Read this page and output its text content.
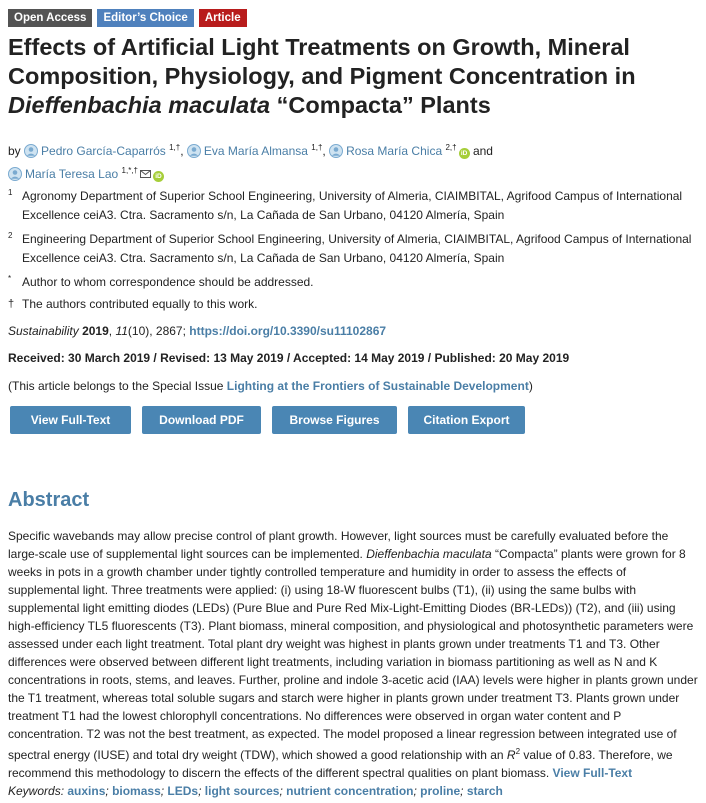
Open Access	Editor’s Choice	Article
Effects of Artificial Light Treatments on Growth, Mineral Composition, Physiology, and Pigment Concentration in Dieffenbachia maculata “Compacta” Plants
by Pedro García-Caparrós $^{1,\dagger}$, Eva María Almansa $^{1,\dagger}$, Rosa María Chica $^{2,\dagger}$iD and
María Teresa Lao $^{1,*,\dagger}$iD
1 Agronomy Department of Superior School Engineering, University of Almeria, CIAIMBITAL, Agrifood Campus of International Excellence ceiA3. Ctra. Sacramento s/n, La Cañada de San Urbano, 04120 Almería, Spain
2 Engineering Department of Superior School Engineering, University of Almeria, CIAIMBITAL, Agrifood Campus of International Excellence ceiA3. Ctra. Sacramento s/n, La Cañada de San Urbano, 04120 Almería, Spain
* Author to whom correspondence should be addressed.
† The authors contributed equally to this work.
Sustainability 2019, 11(10), 2867; https://doi.org/10.3390/su11102867
Received: 30 March 2019 / Revised: 13 May 2019 / Accepted: 14 May 2019 / Published: 20 May 2019
(This article belongs to the Special Issue Lighting at the Frontiers of Sustainable Development)
View Full-Text	Download PDF	Browse Figures	Citation Export
Abstract
Specific wavebands may allow precise control of plant growth. However, light sources must be carefully evaluated before the large-scale use of supplemental light sources can be implemented. Dieffenbachia maculata “Compacta” plants were grown for 8 weeks in pots in a growth chamber under tightly controlled temperature and humidity in order to assess the effects of supplemental light. Three treatments were applied: (i) using 18-W fluorescent bulbs (T1), (ii) using the same bulbs with supplemental light emitting diodes (LEDs) (Pure Blue and Pure Red Mix-Light-Emitting Diodes (BR-LEDs)) (T2), and (iii) using high-efficiency TL5 fluorescents (T3). Plant biomass, mineral composition, and physiological and photosynthetic parameters were assessed under each light treatment. Total plant dry weight was highest in plants grown under treatments T1 and T3. Other differences were observed between different light treatments, including variation in biomass partitioning as well as N and K concentrations in roots, stems, and leaves. Further, proline and indole 3-acetic acid (IAA) levels were higher in plants grown under the T1 treatment, whereas total soluble sugars and starch were higher in plants grown under treatment T3. Plants grown under treatment T1 had the lowest chlorophyll concentrations. No differences were observed in organ water content and P concentration. T2 was not the best treatment, as expected. The model proposed a linear regression between integrated use of spectral energy (IUSE) and total dry weight (TDW), which showed a good relationship with an $R^2$ value of 0.83. Therefore, we recommend this methodology to discern the effects of the different spectral qualities on plant biomass. View Full-Text
Keywords: auxins; biomass; LEDs; light sources; nutrient concentration; proline; starch
